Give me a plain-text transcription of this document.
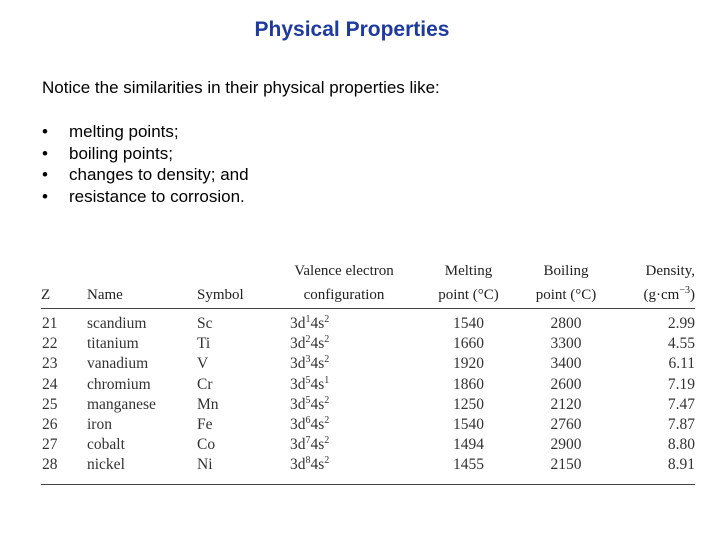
Physical Properties
Notice the similarities in their physical properties like:
• melting points;
• boiling points;
• changes to density; and
• resistance to corrosion.
			Valence electron	Melting	Boiling	Density,
Z	Name	Symbol	configuration	point (°C)	point (°C)	$(g\cdot cm^{-3})$
21	scandium	Sc	$3d^14s^2$	1540	2800	2.99
22	titanium	Ti	$3d^24s^2$	1660	3300	4.55
23	vanadium	V	$3d^34s^2$	1920	3400	6.11
24	chromium	Cr	$3d^54s^1$	1860	2600	7.19
25	manganese	Mn	$3d^54s^2$	1250	2120	7.47
26	iron	Fe	$3d^64s^2$	1540	2760	7.87
27	cobalt	Co	$3d^74s^2$	1494	2900	8.80
28	nickel	Ni	$3d^84s^2$	1455	2150	8.91
